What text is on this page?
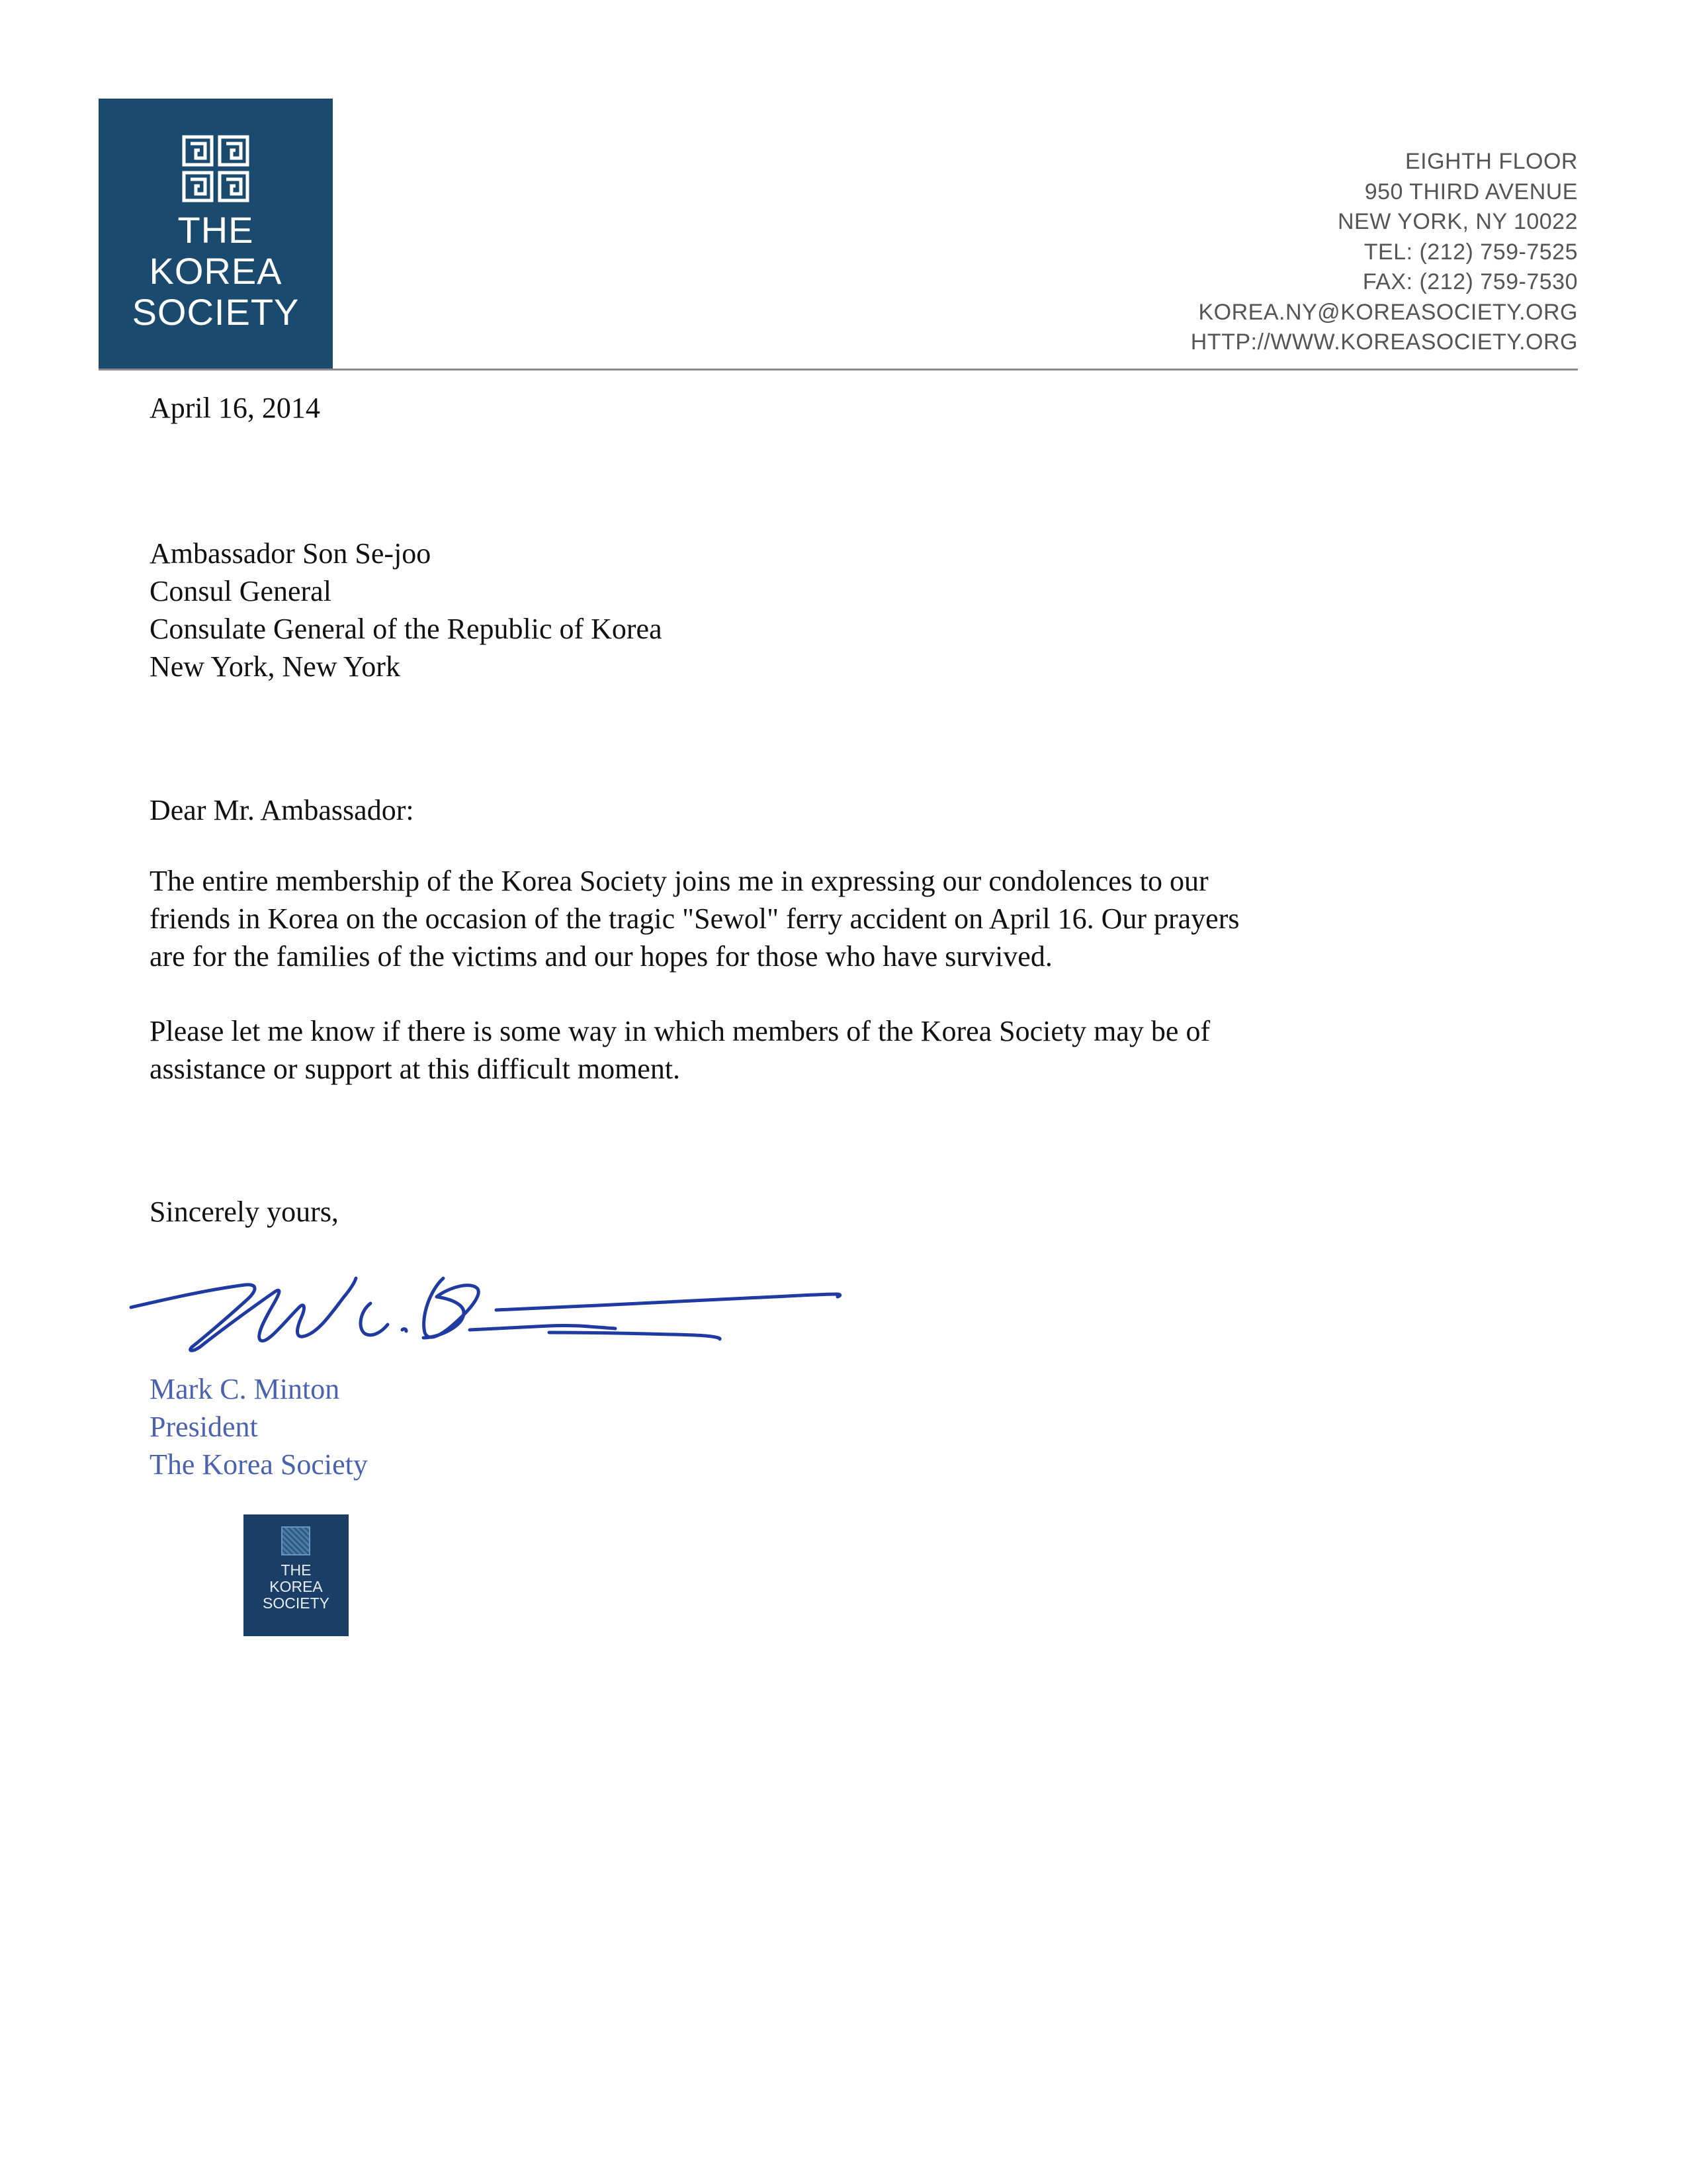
THE
KOREA
SOCIETY
EIGHTH FLOOR
950 THIRD AVENUE
NEW YORK, NY 10022
TEL: (212) 759-7525
FAX: (212) 759-7530
KOREA.NY@KOREASOCIETY.ORG
HTTP://WWW.KOREASOCIETY.ORG
April 16, 2014
Ambassador Son Se-joo
Consul General
Consulate General of the Republic of Korea
New York, New York
Dear Mr. Ambassador:
The entire membership of the Korea Society joins me in expressing our condolences to our
friends in Korea on the occasion of the tragic "Sewol" ferry accident on April 16. Our prayers
are for the families of the victims and our hopes for those who have survived.
Please let me know if there is some way in which members of the Korea Society may be of
assistance or support at this difficult moment.
Sincerely yours,
Mark C. Minton
President
The Korea Society
THE
KOREA
SOCIETY
